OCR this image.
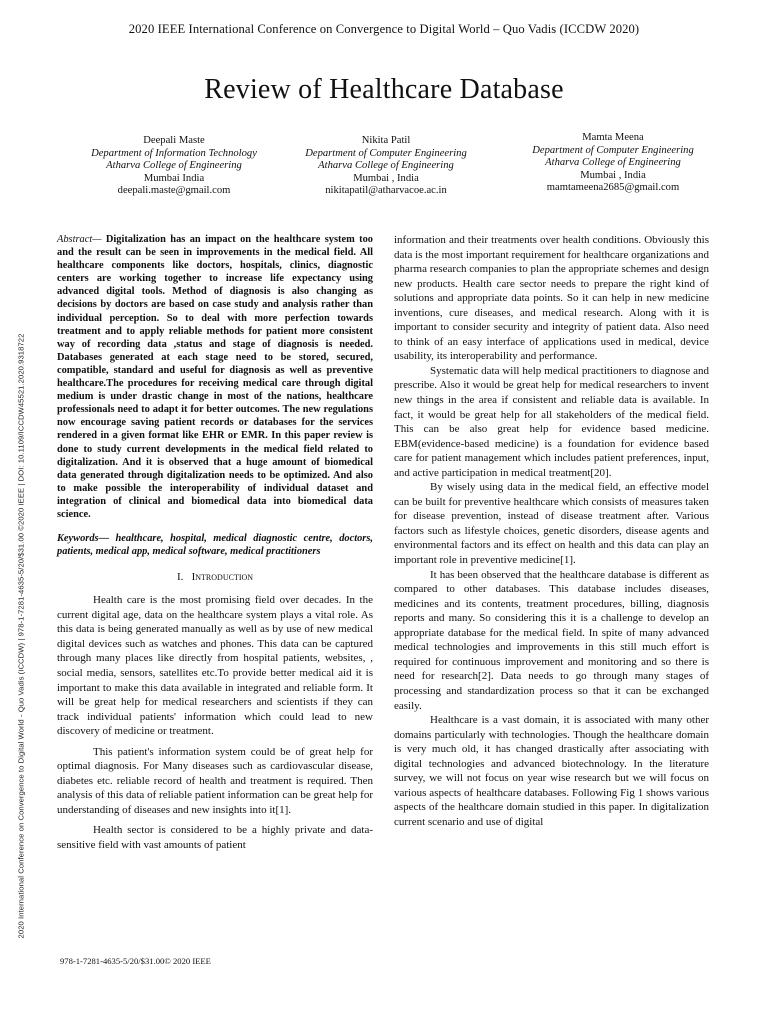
2020 IEEE International Conference on Convergence to Digital World – Quo Vadis (ICCDW 2020)
Review of Healthcare Database
Deepali Maste
Department of Information Technology
Atharva College of Engineering
Mumbai India
deepali.maste@gmail.com
Nikita Patil
Department of Computer Engineering
Atharva College of Engineering
Mumbai , India
nikitapatil@atharvacoe.ac.in
Mamta Meena
Department of Computer Engineering
Atharva College of Engineering
Mumbai , India
mamtameena2685@gmail.com
2020 International Conference on Convergence to Digital World - Quo Vadis (ICCDW) | 978-1-7281-4635-5/20/$31.00 ©2020 IEEE | DOI: 10.1109/ICCDW45521.2020.9318722

Abstract— Digitalization has an impact on the healthcare system too and the result can be seen in improvements in the medical field. All healthcare components like doctors, hospitals, clinics, diagnostic centers are working together to increase life expectancy using advanced digital tools. Method of diagnosis is also changing as decisions by doctors are based on case study and analysis rather than individual perception. So to deal with more perfection towards treatment and to apply reliable methods for patient more consistent way of recording data ,status and stage of diagnosis is needed. Databases generated at each stage need to be stored, secured, compatible, standard and useful for diagnosis as well as preventive healthcare.The procedures for receiving medical care through digital medium is under drastic change in most of the nations, healthcare professionals need to adapt it for better outcomes. The new regulations now encourage saving patient records or databases for the services rendered in a given format like EHR or EMR. In this paper review is done to study current developments in the medical field related to digitalization. And it is observed that a huge amount of biomedical data generated through digitalization needs to be optimized. And also to make possible the interoperability of individual dataset and integration of clinical and biomedical data into biomedical data science.

Keywords— healthcare, hospital, medical diagnostic centre, doctors, patients, medical app, medical software, medical practitioners

I. Introduction

Health care is the most promising field over decades. In the current digital age, data on the healthcare system plays a vital role. As this data is being generated manually as well as by use of new medical digital devices such as watches and phones. This data can be captured through many places like directly from hospital patients, websites, , social media, sensors, satellites etc.To provide better medical aid it is important to make this data available in integrated and reliable form. It will be great help for medical researchers and scientists if they can track individual patients' information which could lead to new discovery of medicine or treatment.

This patient's information system could be of great help for optimal diagnosis. For Many diseases such as cardiovascular disease, diabetes etc. reliable record of health and treatment is required. Then analysis of this data of reliable patient information can be great help for understanding of diseases and new insights into it[1].

Health sector is considered to be a highly private and data-sensitive field with vast amounts of patient

information and their treatments over health conditions. Obviously this data is the most important requirement for healthcare organizations and pharma research companies to plan the appropriate schemes and design new products. Health care sector needs to prepare the right kind of solutions and appropriate data points. So it can help in new medicine inventions, cure diseases, and medical research. Along with it is important to consider security and integrity of patient data. Also need to think of an easy interface of applications used in medical, device usability, its interoperability and performance.

Systematic data will help medical practitioners to diagnose and prescribe. Also it would be great help for medical researchers to invent new things in the area if consistent and reliable data is available. In fact, it would be great help for all stakeholders of the medical field. This can be also great help for evidence based medicine. EBM(evidence-based medicine) is a foundation for evidence based care for patient management which includes patient preferences, input, and active participation in medical treatment[20].

By wisely using data in the medical field, an effective model can be built for preventive healthcare which consists of measures taken for disease prevention, instead of disease treatment after. Various factors such as lifestyle choices, genetic disorders, disease agents and environmental factors and its effect on health and this data can play an important role in preventive medicine[1].

It has been observed that the healthcare database is different as compared to other databases. This database includes diseases, medicines and its contents, treatment procedures, billing, diagnosis reports and many. So considering this it is a challenge to develop an appropriate database for the medical field. In spite of many advanced medical technologies and improvements in this still much effort is required for continuous improvement and monitoring and so there is need for research[2]. Data needs to go through many stages of processing and standardization process so that it can be exchanged easily.

Healthcare is a vast domain, it is associated with many other domains particularly with technologies. Though the healthcare domain is very much old, it has changed drastically after associating with digital technologies and advanced biotechnology. In the literature survey, we will not focus on year wise research but we will focus on various aspects of healthcare databases. Following Fig 1 shows various aspects of the healthcare domain studied in this paper. In digitalization current scenario and use of digital

978-1-7281-4635-5/20/$31.00© 2020 IEEE
